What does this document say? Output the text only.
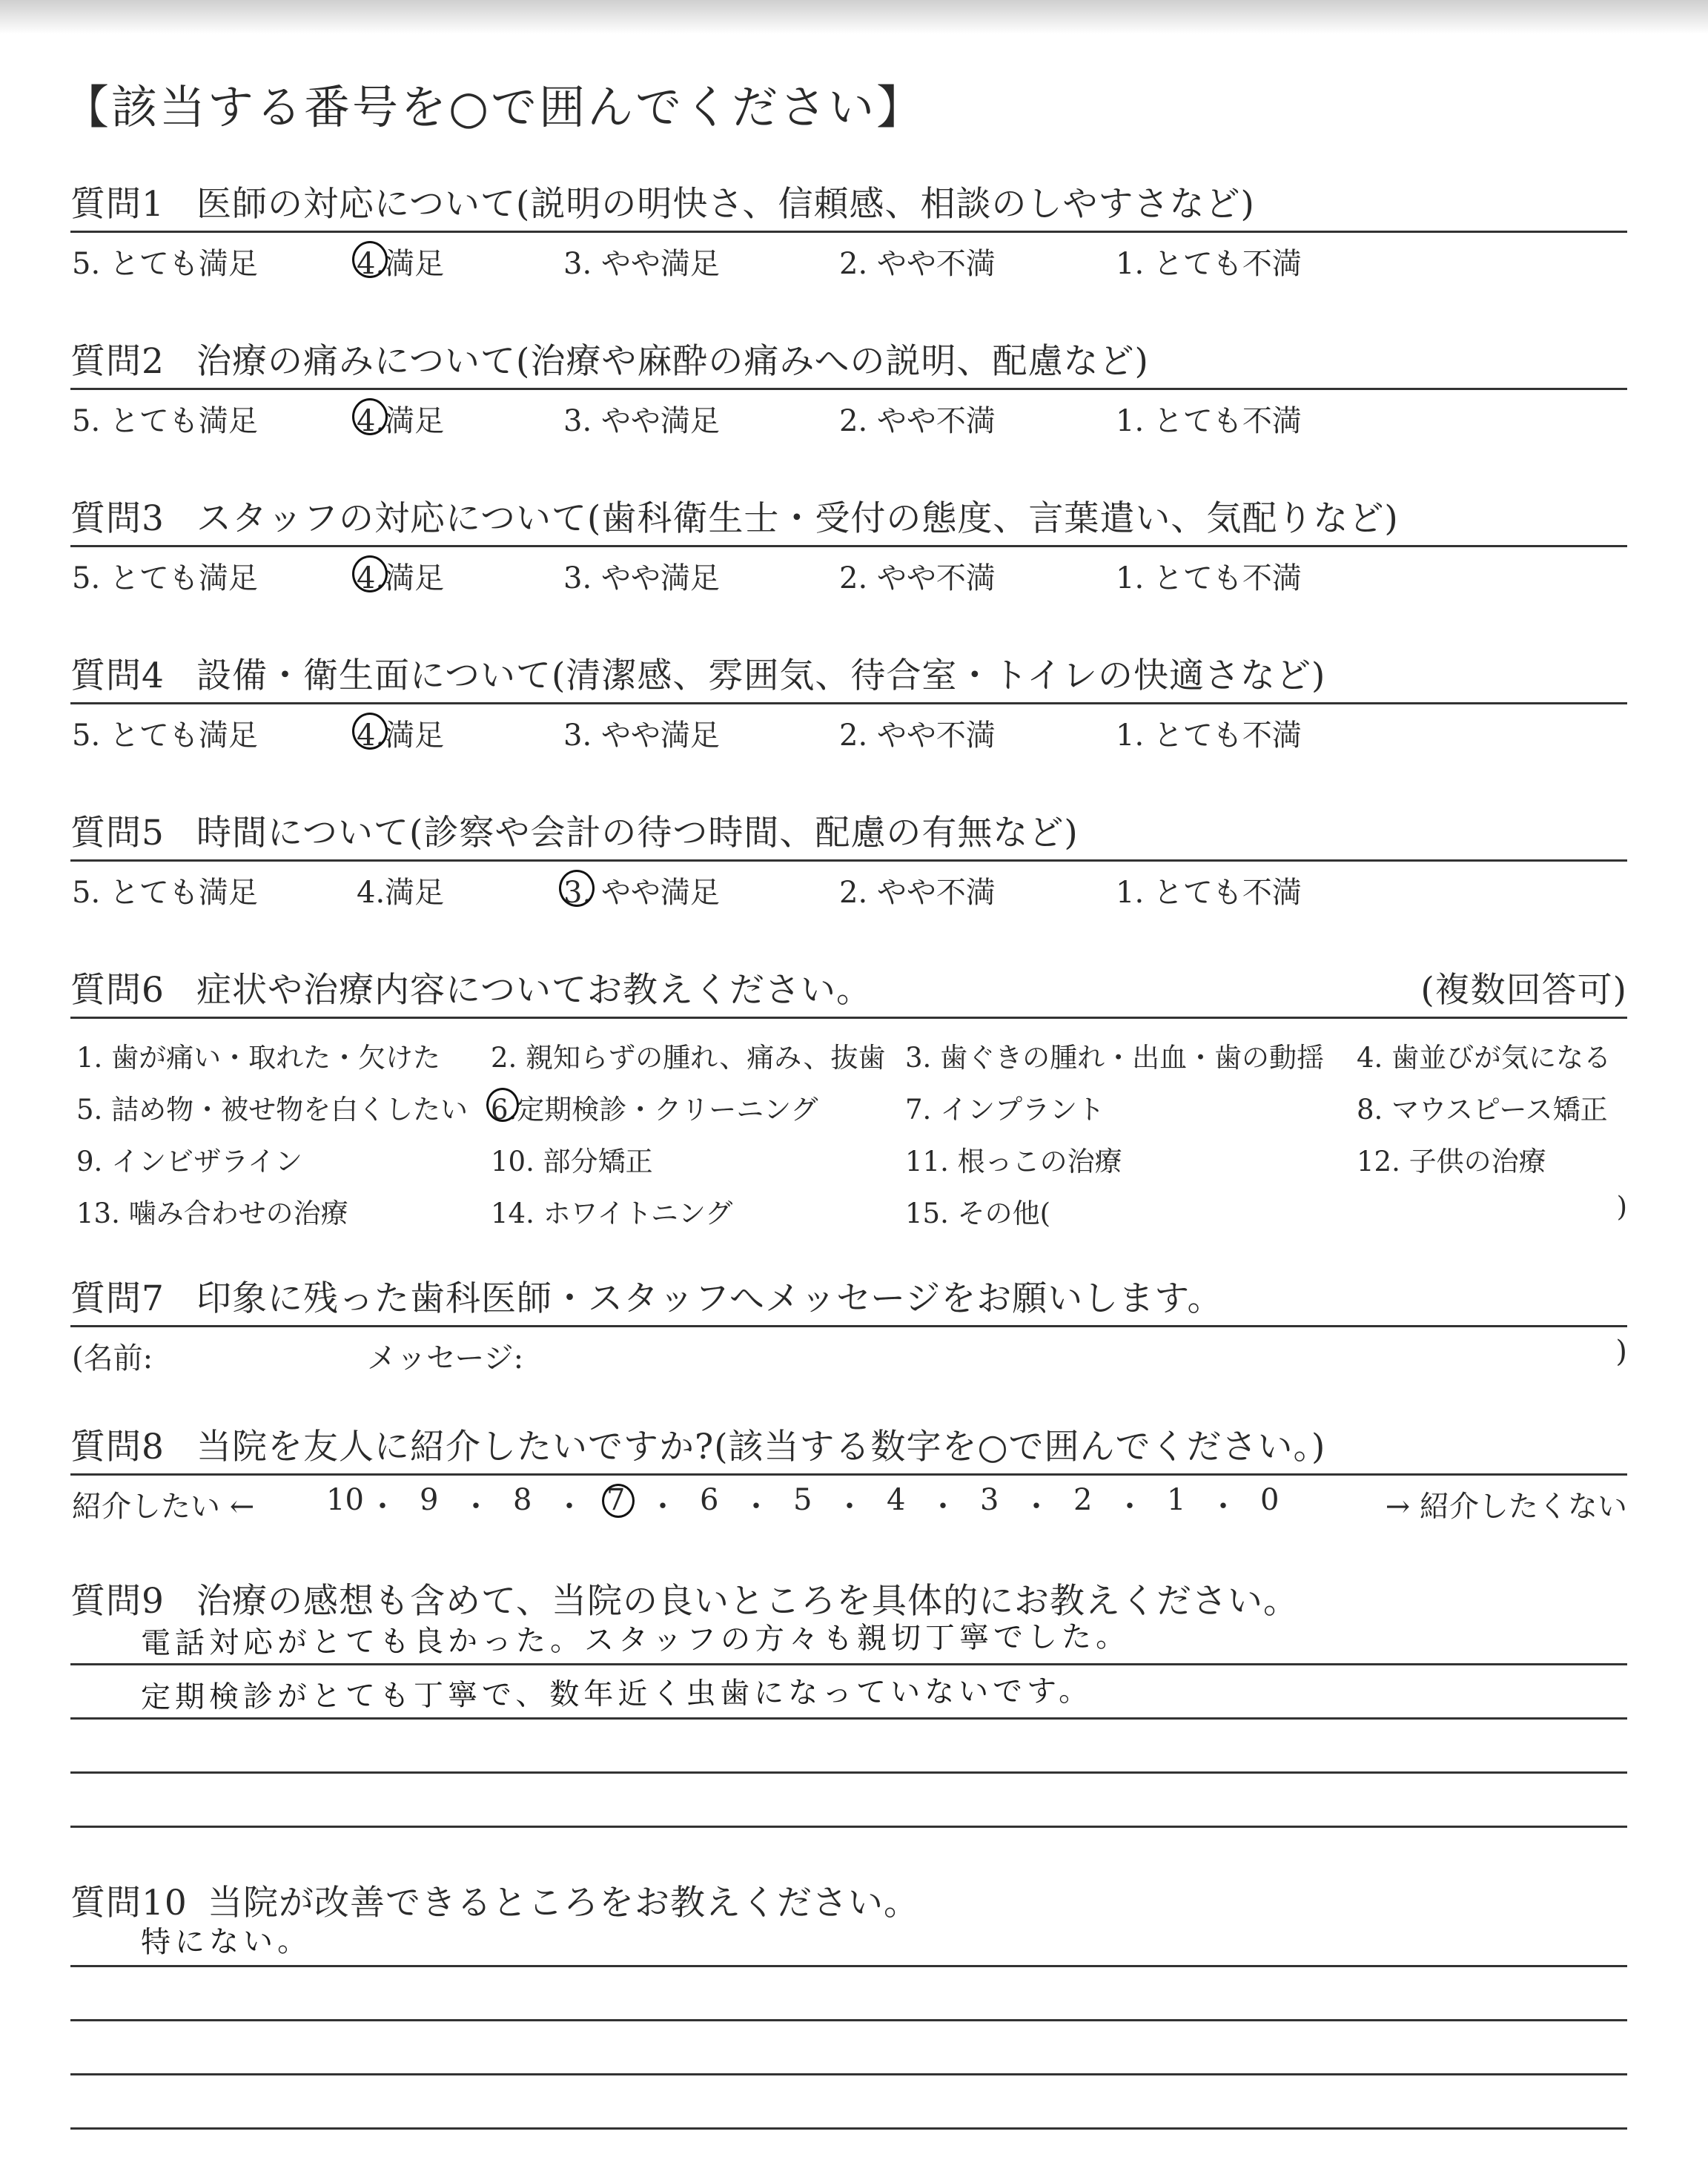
【該当する番号を○で囲んでください】
質問1 医師の対応について(説明の明快さ、信頼感、相談のしやすさなど)
5. とても満足	4.満足	3. やや満足	2. やや不満	1. とても不満
質問2 治療の痛みについて(治療や麻酔の痛みへの説明、配慮など)
5. とても満足	4.満足	3. やや満足	2. やや不満	1. とても不満
質問3 スタッフの対応について(歯科衛生士・受付の態度、言葉遣い、気配りなど)
5. とても満足	4.満足	3. やや満足	2. やや不満	1. とても不満
質問4 設備・衛生面について(清潔感、雰囲気、待合室・トイレの快適さなど)
5. とても満足	4.満足	3. やや満足	2. やや不満	1. とても不満
質問5 時間について(診察や会計の待つ時間、配慮の有無など)
5. とても満足	4.満足	3. やや満足	2. やや不満	1. とても不満
質問6 症状や治療内容についてお教えください。	(複数回答可)
1. 歯が痛い・取れた・欠けた 2. 親知らずの腫れ、痛み、抜歯 3. 歯ぐきの腫れ・出血・歯の動揺 4. 歯並びが気になる
5. 詰め物・被せ物を白くしたい 6.定期検診・クリーニング	7. インプラント	8. マウスピース矯正
9. インビザライン	10. 部分矯正	11. 根っこの治療	12. 子供の治療
13. 噛み合わせの治療	14. ホワイトニング	15. その他(	)
質問7 印象に残った歯科医師・スタッフへメッセージをお願いします。
(名前:	メッセージ:	)
質問8 当院を友人に紹介したいですか?(該当する数字を○で囲んでください。)
紹介したい ←	→ 紹介したくない
10 ・ 9 ・ 8 ・ 7 ・ 6 ・ 5 ・ 4 ・ 3 ・ 2 ・ 1 ・ 0
質問9 治療の感想も含めて、当院の良いところを具体的にお教えください。
電話対応がとても良かった。スタッフの方々も親切丁寧でした。
定期検診がとても丁寧で、数年近く虫歯になっていないです。
質問10 当院が改善できるところをお教えください。
特にない。
